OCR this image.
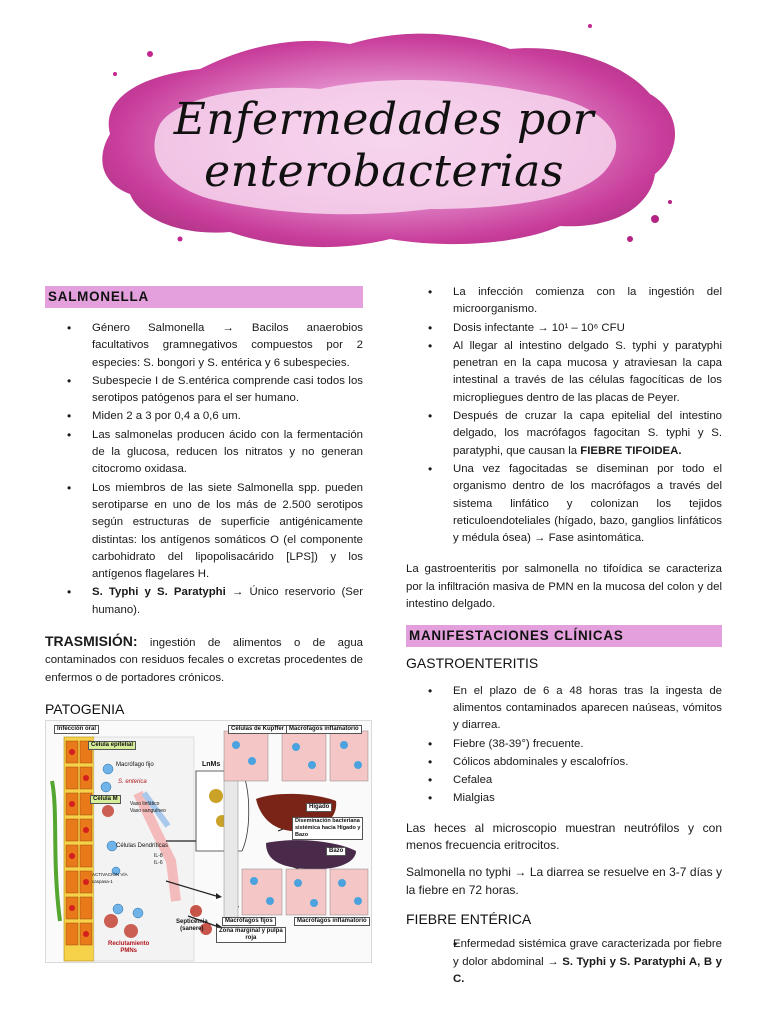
Enfermedades por
enterobacterias
SALMONELLA
• Género Salmonella → Bacilos anaerobios facultativos gramnegativos compuestos por 2 especies: S. bongori y S. entérica y 6 subespecies.
• Subespecie I de S.entérica comprende casi todos los serotipos patógenos para el ser humano.
• Miden 2 a 3 por 0,4 a 0,6 um.
• Las salmonelas producen ácido con la fermentación de la glucosa, reducen los nitratos y no generan citocromo oxidasa.
• Los miembros de las siete Salmonella spp. pueden serotiparse en uno de los más de 2.500 serotipos según estructuras de superficie antigénicamente distintas: los antígenos somáticos O (el componente carbohidrato del lipopolisacárido [LPS]) y los antígenos flagelares H.
• S. Typhi y S. Paratyphi → Único reservorio (Ser humano).

TRASMISIÓN: ingestión de alimentos o de agua contaminados con residuos fecales o excretas procedentes de enfermos o de portadores crónicos.

PATOGENIA
Infección oral
Célula epitelial
Macrófago fijo
S. enterica
Célula M
Vaso linfático
Vaso sanguíneo
Células Dendríticas
IL-8
IL-6
ACTIVACIÓN VÍA
caspasa-1
Reclutamiento
PMNs
Células de Kupffer Macrófagos inflamatorio
LnMs
Hígado
Diseminación bacteriana
sistémica hacia Hígado y
Bazo
Bazo
Septicemia
(sanere)
Macrófagos fijos
Zona marginal y pulpa
roja
Macrófagos inflamatorio
• La infección comienza con la ingestión del microorganismo.
• Dosis infectante → 10¹ – 10⁶ CFU
• Al llegar al intestino delgado S. typhi y paratyphi penetran en la capa mucosa y atraviesan la capa intestinal a través de las células fagocíticas de los micropliegues dentro de las placas de Peyer.
• Después de cruzar la capa epitelial del intestino delgado, los macrófagos fagocitan S. typhi y S. paratyphi, que causan la FIEBRE TIFOIDEA.
• Una vez fagocitadas se diseminan por todo el organismo dentro de los macrófagos a través del sistema linfático y colonizan los tejidos reticuloendoteliales (hígado, bazo, ganglios linfáticos y médula ósea) → Fase asintomática.

La gastroenteritis por salmonella no tifoídica se caracteriza por la infiltración masiva de PMN en la mucosa del colon y del intestino delgado.

MANIFESTACIONES CLÍNICAS
GASTROENTERITIS
• En el plazo de 6 a 48 horas tras la ingesta de alimentos contaminados aparecen naúseas, vómitos y diarrea.
• Fiebre (38-39°) frecuente.
• Cólicos abdominales y escalofríos.
• Cefalea
• Mialgias

Las heces al microscopio muestran neutrófilos y con menos frecuencia eritrocitos.

Salmonella no typhi → La diarrea se resuelve en 3-7 días y la fiebre en 72 horas.

FIEBRE ENTÉRICA
• Enfermedad sistémica grave caracterizada por fiebre y dolor abdominal → S. Typhi y S. Paratyphi A, B y C.
